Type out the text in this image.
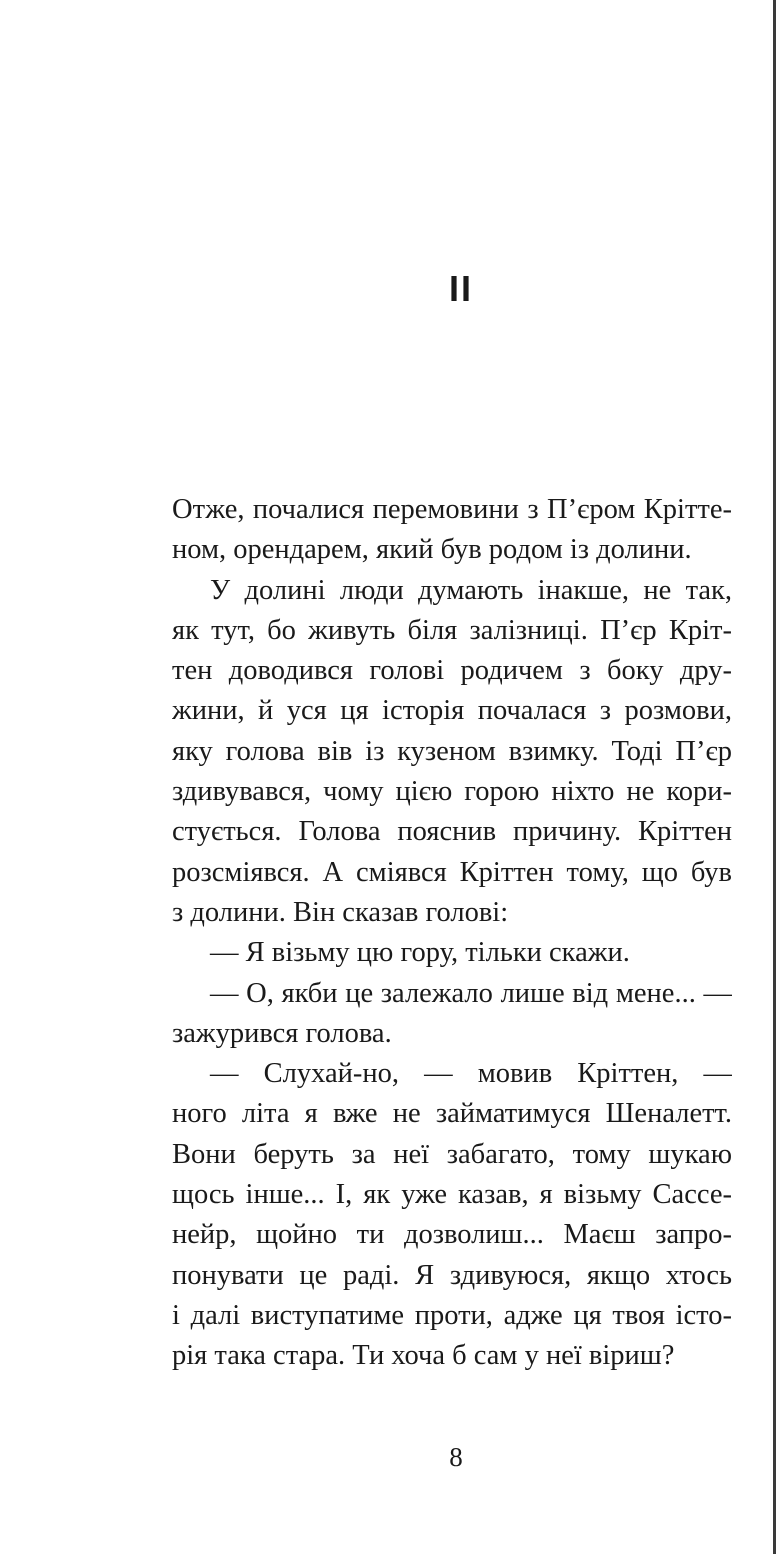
II
Отже, почалися перемовини з П’єром Крітте-
ном, орендарем, який був родом із долини.
У долині люди думають інакше, не так,
як тут, бо живуть біля залізниці. П’єр Кріт-
тен доводився голові родичем з боку дру-
жини, й уся ця історія почалася з розмови,
яку голова вів із кузеном взимку. Тоді П’єр
здивувався, чому цією горою ніхто не кори-
стується. Голова пояснив причину. Кріттен
розсміявся. А сміявся Кріттен тому, що був
з долини. Він сказав голові:
— Я візьму цю гору, тільки скажи.
— О, якби це залежало лише від мене... —
зажурився голова.
— Слухай-но, — мовив Кріттен, —
ного літа я вже не займатимуся Шеналетт.
Вони беруть за неї забагато, тому шукаю
щось інше... І, як уже казав, я візьму Сассе-
нейр, щойно ти дозволиш... Маєш запро-
понувати це раді. Я здивуюся, якщо хтось
і далі виступатиме проти, адже ця твоя істо-
рія така стара. Ти хоча б сам у неї віриш?

8
